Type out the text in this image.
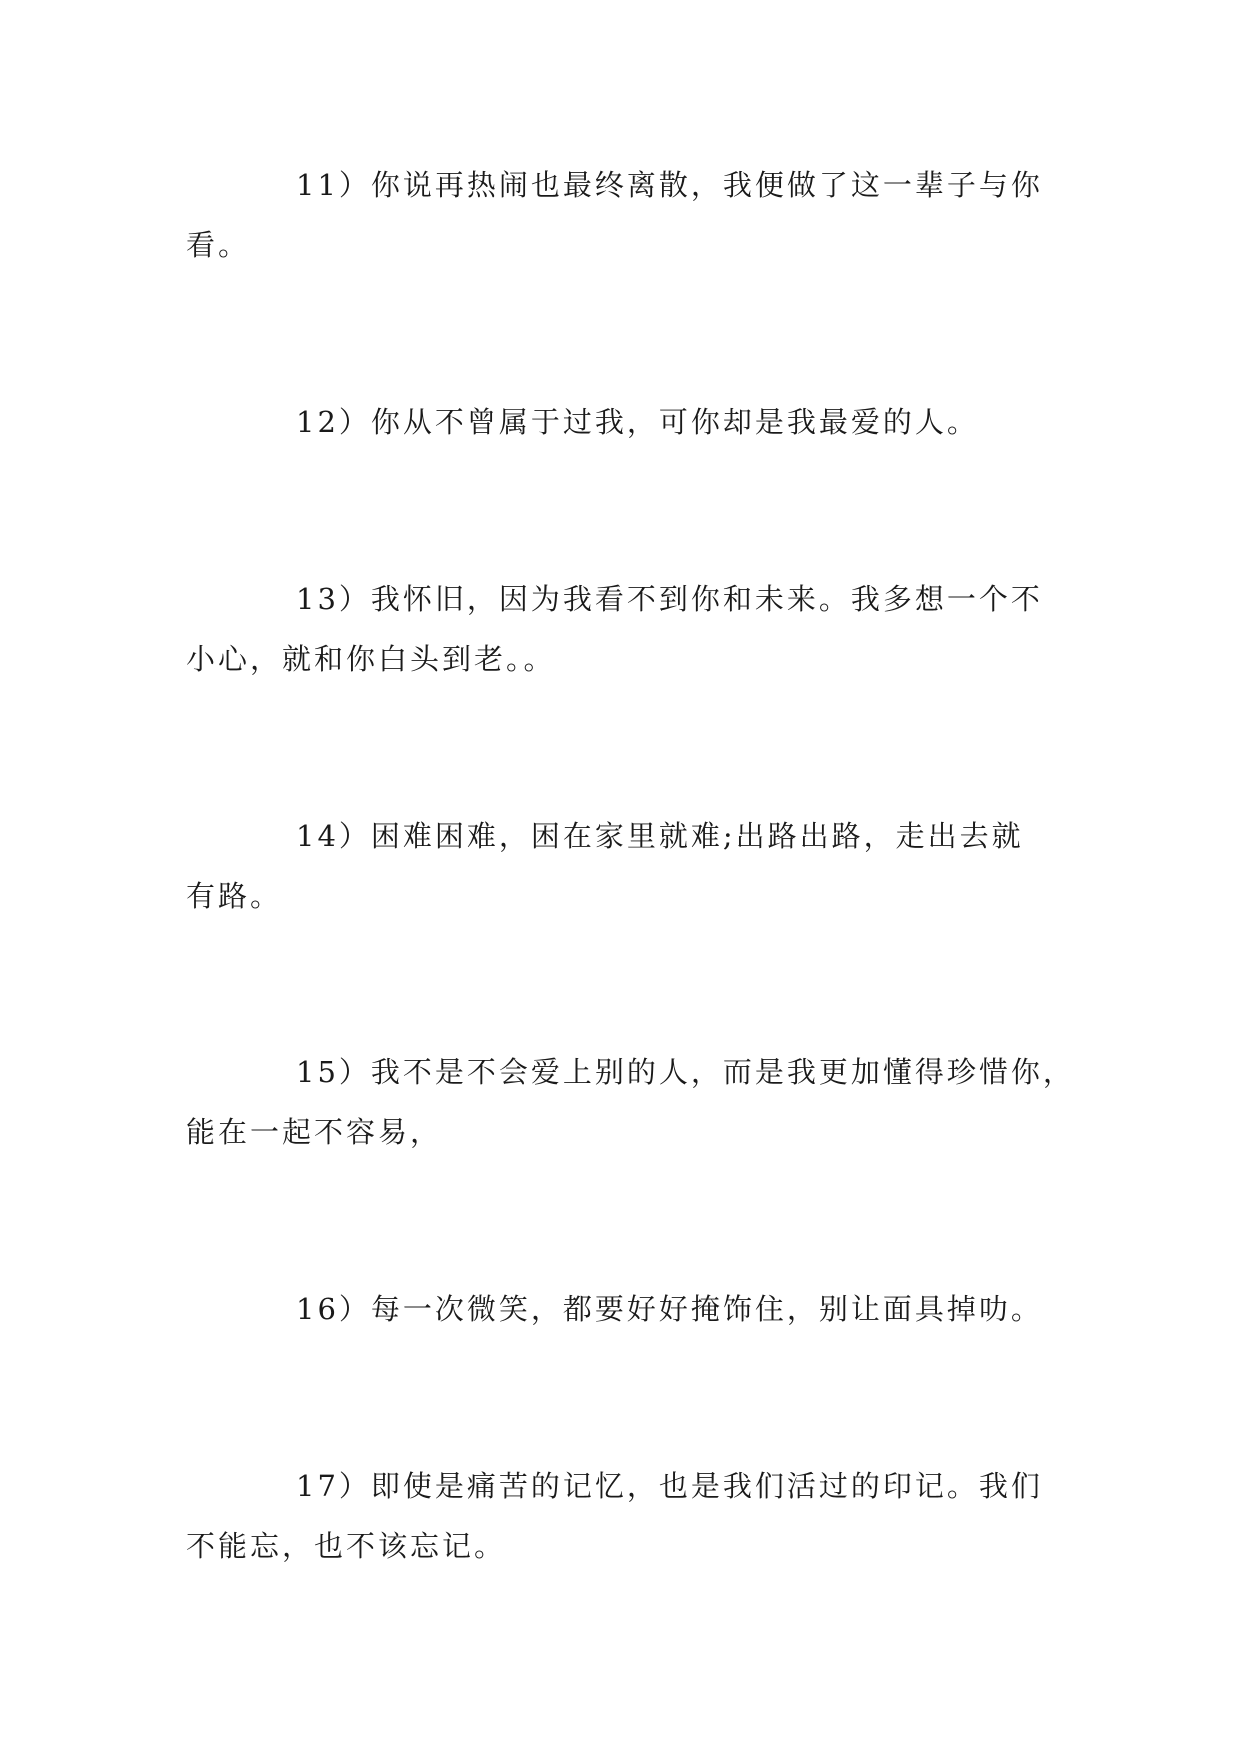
11）你说再热闹也最终离散，我便做了这一辈子与你
看。
12）你从不曾属于过我，可你却是我最爱的人。
13）我怀旧，因为我看不到你和未来。我多想一个不
小心，就和你白头到老。。
14）困难困难，困在家里就难;出路出路，走出去就
有路。
15）我不是不会爱上别的人，而是我更加懂得珍惜你，
能在一起不容易，
16）每一次微笑，都要好好掩饰住，别让面具掉叻。
17）即使是痛苦的记忆，也是我们活过的印记。我们
不能忘，也不该忘记。
